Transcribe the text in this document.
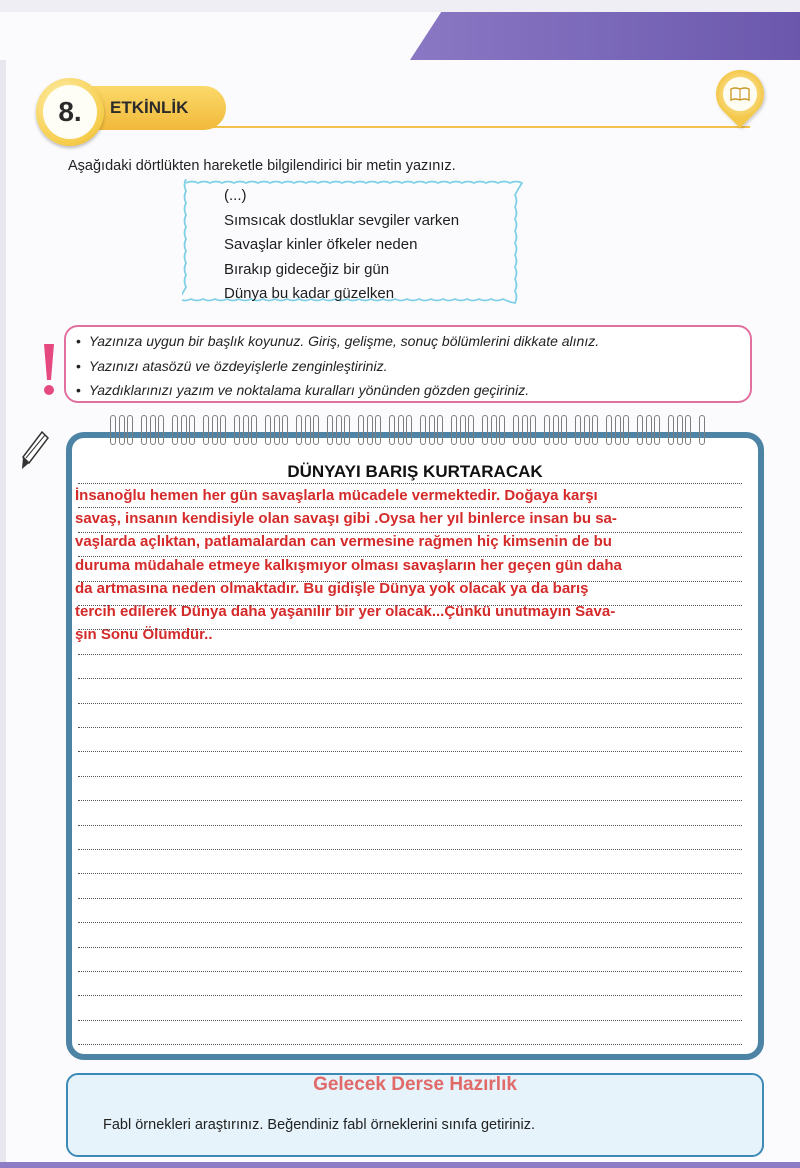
ETKİNLİK
8.
Aşağıdaki dörtlükten hareketle bilgilendirici bir metin yazınız.
(...)
Sımsıcak dostluklar sevgiler varken
Savaşlar kinler öfkeler neden
Bırakıp gideceğiz bir gün
Dünya bu kadar güzelken
• Yazınıza uygun bir başlık koyunuz. Giriş, gelişme, sonuç bölümlerini dikkate alınız.
• Yazınızı atasözü ve özdeyişlerle zenginleştiriniz.
• Yazdıklarınızı yazım ve noktalama kuralları yönünden gözden geçiriniz.
DÜNYAYI BARIŞ KURTARACAK
İnsanoğlu hemen her gün savaşlarla mücadele vermektedir. Doğaya karşı
savaş, insanın kendisiyle olan savaşı gibi .Oysa her yıl binlerce insan bu sa-
vaşlarda açlıktan, patlamalardan can vermesine rağmen hiç kimsenin de bu
duruma müdahale etmeye kalkışmıyor olması savaşların her geçen gün daha
da artmasına neden olmaktadır. Bu gidişle Dünya yok olacak ya da barış
tercih edilerek Dünya daha yaşanılır bir yer olacak...Çünkü unutmayın Sava-
şın Sonu Ölümdür..
Gelecek Derse Hazırlık
Fabl örnekleri araştırınız. Beğendiniz fabl örneklerini sınıfa getiriniz.
